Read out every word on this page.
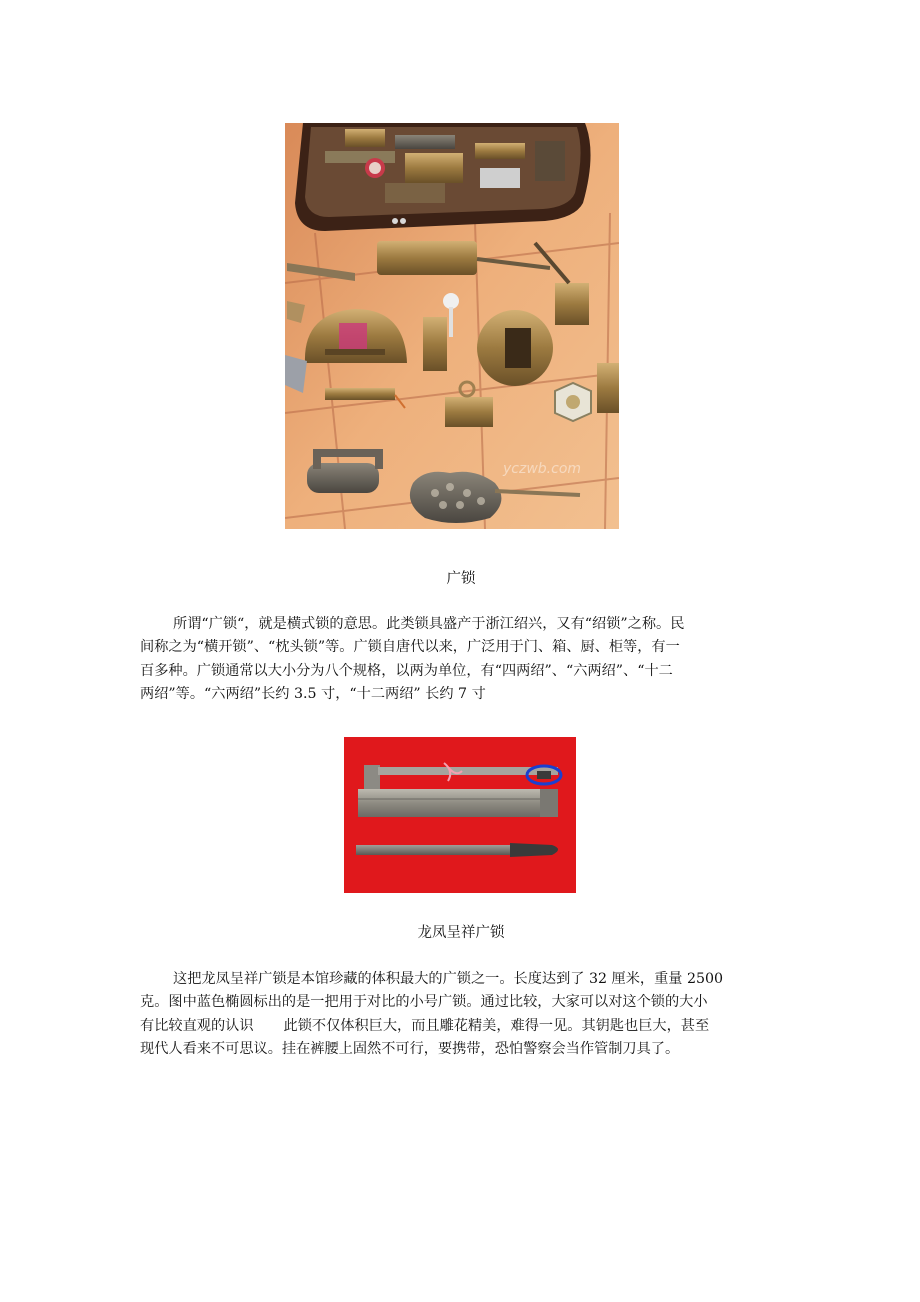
yczwb.com
广锁

所谓“广锁“，就是横式锁的意思。此类锁具盛产于浙江绍兴，又有“绍锁”之称。民
间称之为“横开锁”、“枕头锁”等。广锁自唐代以来，广泛用于门、箱、厨、柜等，有一
百多种。广锁通常以大小分为八个规格，以两为单位，有“四两绍”、“六两绍”、“十二
两绍”等。“六两绍”长约 3.5 寸，“十二两绍” 长约 7 寸

龙凤呈祥广锁

这把龙凤呈祥广锁是本馆珍藏的体积最大的广锁之一。长度达到了 32 厘米，重量 2500
克。图中蓝色椭圆标出的是一把用于对比的小号广锁。通过比较，大家可以对这个锁的大小
有比较直观的认识 此锁不仅体积巨大，而且雕花精美，难得一见。其钥匙也巨大，甚至
现代人看来不可思议。挂在裤腰上固然不可行，要携带，恐怕警察会当作管制刀具了。
